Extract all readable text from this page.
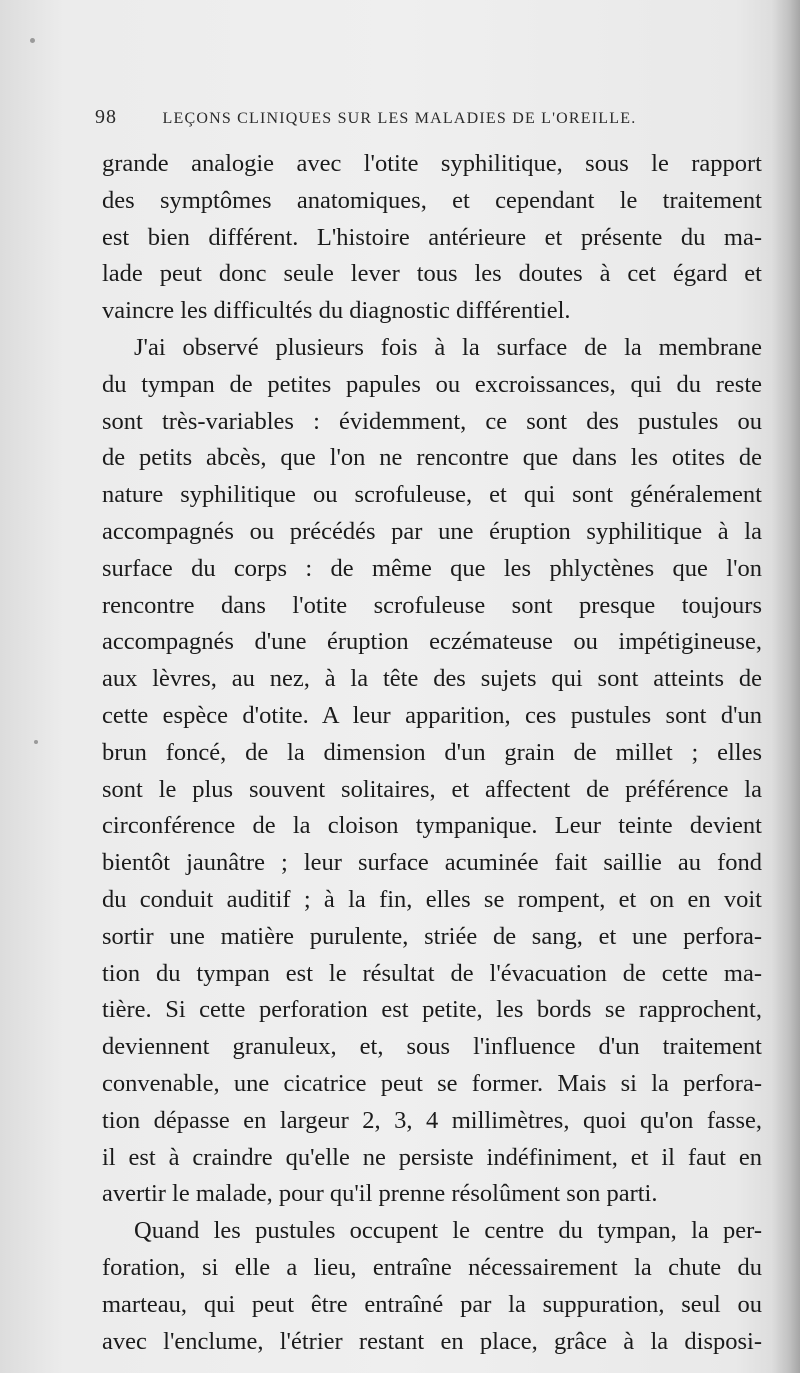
98	LEÇONS CLINIQUES SUR LES MALADIES DE L'OREILLE.
grande analogie avec l'otite syphilitique, sous le rapport
des symptômes anatomiques, et cependant le traitement
est bien différent. L'histoire antérieure et présente du ma-
lade peut donc seule lever tous les doutes à cet égard et
vaincre les difficultés du diagnostic différentiel.
J'ai observé plusieurs fois à la surface de la membrane
du tympan de petites papules ou excroissances, qui du reste
sont très-variables : évidemment, ce sont des pustules ou
de petits abcès, que l'on ne rencontre que dans les otites de
nature syphilitique ou scrofuleuse, et qui sont généralement
accompagnés ou précédés par une éruption syphilitique à la
surface du corps : de même que les phlyctènes que l'on
rencontre dans l'otite scrofuleuse sont presque toujours
accompagnés d'une éruption eczémateuse ou impétigineuse,
aux lèvres, au nez, à la tête des sujets qui sont atteints de
cette espèce d'otite. A leur apparition, ces pustules sont d'un
brun foncé, de la dimension d'un grain de millet ; elles
sont le plus souvent solitaires, et affectent de préférence la
circonférence de la cloison tympanique. Leur teinte devient
bientôt jaunâtre ; leur surface acuminée fait saillie au fond
du conduit auditif ; à la fin, elles se rompent, et on en voit
sortir une matière purulente, striée de sang, et une perfora-
tion du tympan est le résultat de l'évacuation de cette ma-
tière. Si cette perforation est petite, les bords se rapprochent,
deviennent granuleux, et, sous l'influence d'un traitement
convenable, une cicatrice peut se former. Mais si la perfora-
tion dépasse en largeur 2, 3, 4 millimètres, quoi qu'on fasse,
il est à craindre qu'elle ne persiste indéfiniment, et il faut en
avertir le malade, pour qu'il prenne résolûment son parti.
Quand les pustules occupent le centre du tympan, la per-
foration, si elle a lieu, entraîne nécessairement la chute du
marteau, qui peut être entraîné par la suppuration, seul ou
avec l'enclume, l'étrier restant en place, grâce à la disposi-
